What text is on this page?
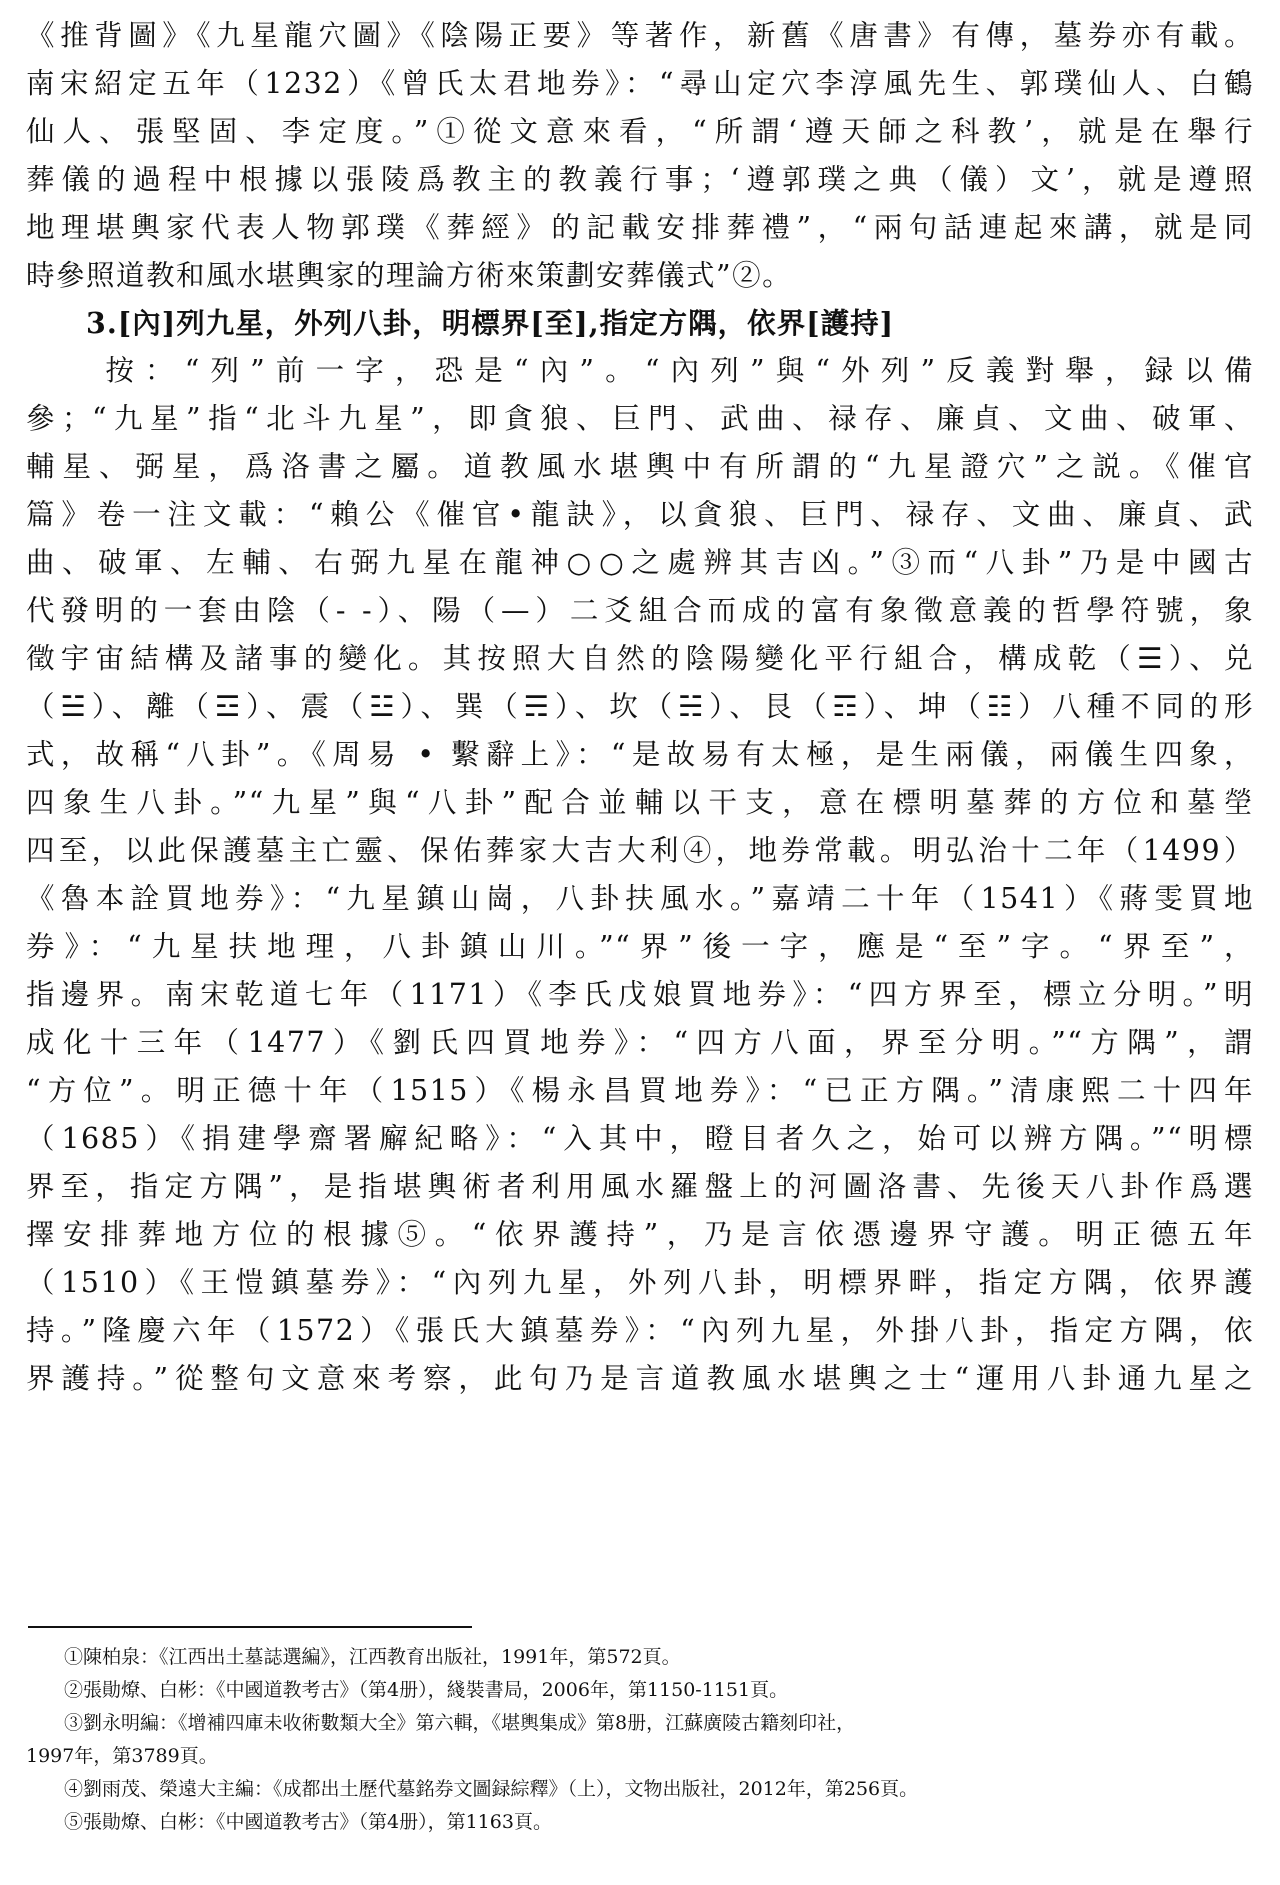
《推背圖》《九星龍穴圖》《陰陽正要》等著作，新舊《唐書》有傳，墓券亦有載。
南宋紹定五年（1232）《曾氏太君地券》：“尋山定穴李淳風先生、郭璞仙人、白鶴
仙人、張堅固、李定度。”①從文意來看，“所謂‘遵天師之科教’，就是在舉行
葬儀的過程中根據以張陵爲教主的教義行事；‘遵郭璞之典（儀）文’，就是遵照
地理堪輿家代表人物郭璞《葬經》的記載安排葬禮”，“兩句話連起來講，就是同
時參照道教和風水堪輿家的理論方術來策劃安葬儀式”②。
3.[內]列九星，外列八卦，明標界[至],指定方隅，依界[護持]
　　按：“列”前一字，恐是“內”。“內列”與“外列”反義對舉，録以備
參；“九星”指“北斗九星”，即貪狼、巨門、武曲、禄存、廉貞、文曲、破軍、
輔星、弼星，爲洛書之屬。道教風水堪輿中有所謂的“九星證穴”之説。《催官
篇》卷一注文載：“賴公《催官•龍訣》，以貪狼、巨門、禄存、文曲、廉貞、武
曲、破軍、左輔、右弼九星在龍神○○之處辨其吉凶。”③而“八卦”乃是中國古
代發明的一套由陰（- -）、陽（—）二爻組合而成的富有象徵意義的哲學符號，象
徵宇宙結構及諸事的變化。其按照大自然的陰陽變化平行組合，構成乾（☰）、兑
（☱）、離（☲）、震（☳）、巽（☴）、坎（☵）、艮（☶）、坤（☷）八種不同的形
式，故稱“八卦”。《周易 • 繫辭上》：“是故易有太極，是生兩儀，兩儀生四象，
四象生八卦。”“九星”與“八卦”配合並輔以干支，意在標明墓葬的方位和墓塋
四至，以此保護墓主亡靈、保佑葬家大吉大利④，地券常載。明弘治十二年（1499）
《魯本詮買地券》：“九星鎮山崗，八卦扶風水。”嘉靖二十年（1541）《蔣雯買地
券》：“九星扶地理，八卦鎮山川。”“界”後一字，應是“至”字。“界至”，
指邊界。南宋乾道七年（1171）《李氏戊娘買地券》：“四方界至，標立分明。”明
成化十三年（1477）《劉氏四買地券》：“四方八面，界至分明。”“方隅”，謂
“方位”。明正德十年（1515）《楊永昌買地券》：“已正方隅。”清康熙二十四年
（1685）《捐建學齋署廨紀略》：“入其中，瞪目者久之，始可以辨方隅。”“明標
界至，指定方隅”，是指堪輿術者利用風水羅盤上的河圖洛書、先後天八卦作爲選
擇安排葬地方位的根據⑤。“依界護持”，乃是言依憑邊界守護。明正德五年
（1510）《王愷鎮墓券》：“內列九星，外列八卦，明標界畔，指定方隅，依界護
持。”隆慶六年（1572）《張氏大鎮墓券》：“內列九星，外掛八卦，指定方隅，依
界護持。”從整句文意來考察，此句乃是言道教風水堪輿之士“運用八卦通九星之
　　①陳柏泉：《江西出土墓誌選編》，江西教育出版社，1991年，第572頁。
　　②張勛燎、白彬：《中國道教考古》（第4册），綫裝書局，2006年，第1150-1151頁。
　　③劉永明編：《增補四庫未收術數類大全》第六輯，《堪輿集成》第8册，江蘇廣陵古籍刻印社，
1997年，第3789頁。
　　④劉雨茂、榮遠大主編：《成都出土歷代墓銘券文圖録綜釋》（上），文物出版社，2012年，第256頁。
　　⑤張勛燎、白彬：《中國道教考古》（第4册），第1163頁。
